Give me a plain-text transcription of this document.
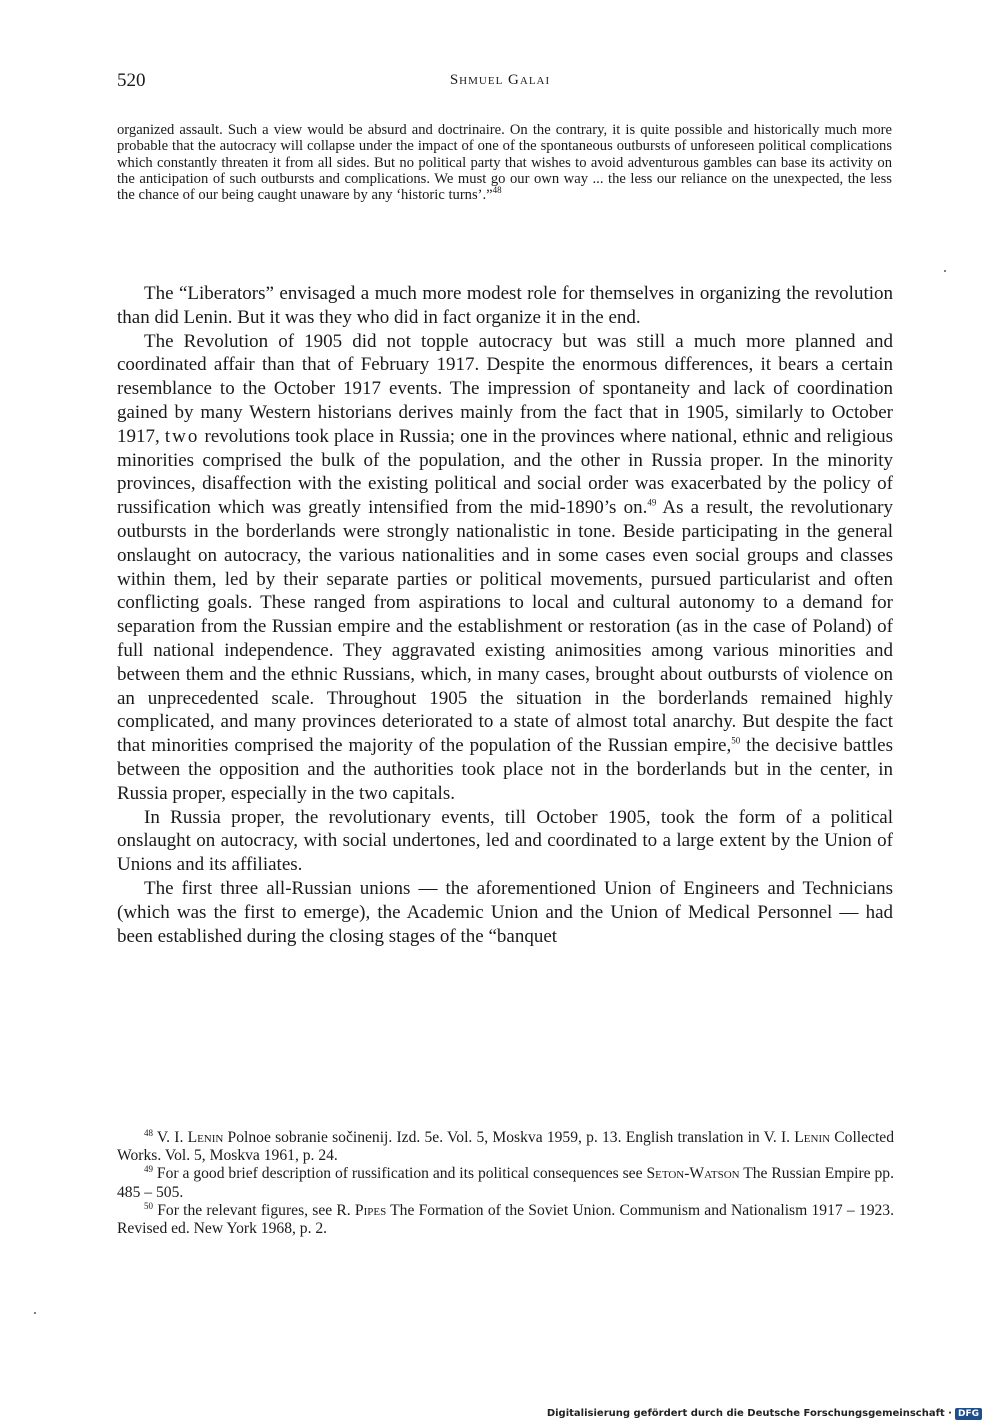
520	Shmuel Galai

organized assault. Such a view would be absurd and doctrinaire. On the contrary, it is quite possible and historically much more probable that the autocracy will collapse under the impact of one of the spontaneous outbursts of unforeseen political complications which constantly threaten it from all sides. But no political party that wishes to avoid adventurous gambles can base its activity on the anticipation of such outbursts and complications. We must go our own way ... the less our reliance on the unexpected, the less the chance of our being caught unaware by any ‘historic turns’.”$^{48}$

The “Liberators” envisaged a much more modest role for themselves in organizing the revolution than did Lenin. But it was they who did in fact organize it in the end.

The Revolution of 1905 did not topple autocracy but was still a much more planned and coordinated affair than that of February 1917. Despite the enormous differences, it bears a certain resemblance to the October 1917 events. The impression of spontaneity and lack of coordination gained by many Western historians derives mainly from the fact that in 1905, similarly to October 1917, two revolutions took place in Russia; one in the provinces where national, ethnic and religious minorities comprised the bulk of the population, and the other in Russia proper. In the minority provinces, disaffection with the existing political and social order was exacerbated by the policy of russification which was greatly intensified from the mid-1890’s on.$^{49}$ As a result, the revolutionary outbursts in the borderlands were strongly nationalistic in tone. Beside participating in the general onslaught on autocracy, the various nationalities and in some cases even social groups and classes within them, led by their separate parties or political movements, pursued particularist and often conflicting goals. These ranged from aspirations to local and cultural autonomy to a demand for separation from the Russian empire and the establishment or restoration (as in the case of Poland) of full national independence. They aggravated existing animosities among various minorities and between them and the ethnic Russians, which, in many cases, brought about outbursts of violence on an unprecedented scale. Throughout 1905 the situation in the borderlands remained highly complicated, and many provinces deteriorated to a state of almost total anarchy. But despite the fact that minorities comprised the majority of the population of the Russian empire,$^{50}$ the decisive battles between the opposition and the authorities took place not in the borderlands but in the center, in Russia proper, especially in the two capitals.

In Russia proper, the revolutionary events, till October 1905, took the form of a political onslaught on autocracy, with social undertones, led and coordinated to a large extent by the Union of Unions and its affiliates.

The first three all-Russian unions — the aforementioned Union of Engineers and Technicians (which was the first to emerge), the Academic Union and the Union of Medical Personnel — had been established during the closing stages of the “banquet

$^{48}$ V. I. Lenin Polnoe sobranie sočinenij. Izd. 5e. Vol. 5, Moskva 1959, p. 13. English translation in V. I. Lenin Collected Works. Vol. 5, Moskva 1961, p. 24.

$^{49}$ For a good brief description of russification and its political consequences see Seton-Watson The Russian Empire pp. 485 – 505.

$^{50}$ For the relevant figures, see R. Pipes The Formation of the Soviet Union. Communism and Nationalism 1917 – 1923. Revised ed. New York 1968, p. 2.

Digitalisierung gefördert durch die Deutsche Forschungsgemeinschaft · DFG
